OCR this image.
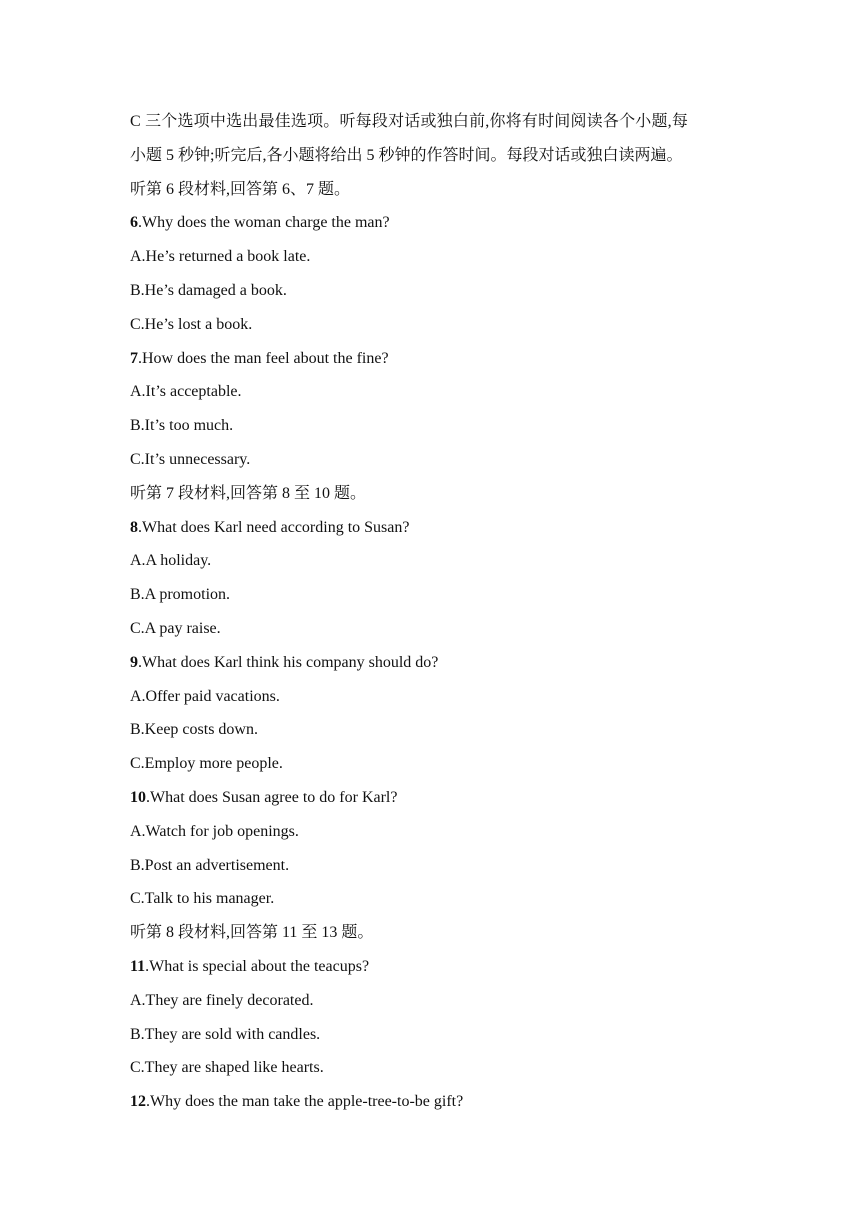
C 三个选项中选出最佳选项。听每段对话或独白前,你将有时间阅读各个小题,每
小题 5 秒钟;听完后,各小题将给出 5 秒钟的作答时间。每段对话或独白读两遍。
听第 6 段材料,回答第 6、7 题。
6.Why does the woman charge the man?
A.He’s returned a book late.
B.He’s damaged a book.
C.He’s lost a book.
7.How does the man feel about the fine?
A.It’s acceptable.
B.It’s too much.
C.It’s unnecessary.
听第 7 段材料,回答第 8 至 10 题。
8.What does Karl need according to Susan?
A.A holiday.
B.A promotion.
C.A pay raise.
9.What does Karl think his company should do?
A.Offer paid vacations.
B.Keep costs down.
C.Employ more people.
10.What does Susan agree to do for Karl?
A.Watch for job openings.
B.Post an advertisement.
C.Talk to his manager.
听第 8 段材料,回答第 11 至 13 题。
11.What is special about the teacups?
A.They are finely decorated.
B.They are sold with candles.
C.They are shaped like hearts.
12.Why does the man take the apple-tree-to-be gift?
